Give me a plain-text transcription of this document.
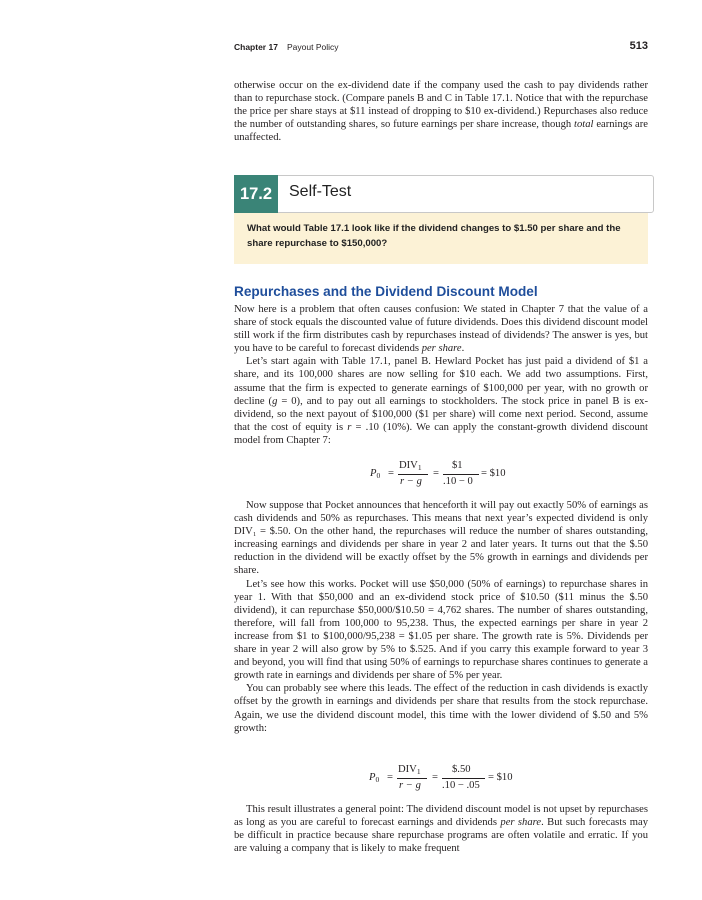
Chapter 17 Payout Policy	513

otherwise occur on the ex-dividend date if the company used the cash to pay dividends rather than to repurchase stock. (Compare panels B and C in Table 17.1. Notice that with the repurchase the price per share stays at $11 instead of dropping to $10 ex-dividend.) Repurchases also reduce the number of outstanding shares, so future earnings per share increase, though total earnings are unaffected.

17.2	Self-Test
What would Table 17.1 look like if the dividend changes to $1.50 per share and the share repurchase to $150,000?
Repurchases and the Dividend Discount Model

Now here is a problem that often causes confusion: We stated in Chapter 7 that the value of a share of stock equals the discounted value of future dividends. Does this dividend discount model still work if the firm distributes cash by repurchases instead of dividends? The answer is yes, but you have to be careful to forecast dividends per share.

Let’s start again with Table 17.1, panel B. Hewlard Pocket has just paid a dividend of $1 a share, and its 100,000 shares are now selling for $10 each. We add two assumptions. First, assume that the firm is expected to generate earnings of $100,000 per year, with no growth or decline (g = 0), and to pay out all earnings to stockholders. The stock price in panel B is ex-dividend, so the next payout of $100,000 ($1 per share) will come next period. Second, assume that the cost of equity is r = .10 (10%). We can apply the constant-growth dividend discount model from Chapter 7:

$P_0$ =
$DIV_1$
r − g
=
$1
.10 − 0
= $10

Now suppose that Pocket announces that henceforth it will pay out exactly 50% of earnings as cash dividends and 50% as repurchases. This means that next year’s expected dividend is only DIV₁ = $.50. On the other hand, the repurchases will reduce the number of shares outstanding, increasing earnings and dividends per share in year 2 and later years. It turns out that the $.50 reduction in the dividend will be exactly offset by the 5% growth in earnings and dividends per share.

Let’s see how this works. Pocket will use $50,000 (50% of earnings) to repurchase shares in year 1. With that $50,000 and an ex-dividend stock price of $10.50 ($11 minus the $.50 dividend), it can repurchase $50,000/$10.50 = 4,762 shares. The number of shares outstanding, therefore, will fall from 100,000 to 95,238. Thus, the expected earnings per share in year 2 increase from $1 to $100,000/95,238 = $1.05 per share. The growth rate is 5%. Dividends per share in year 2 will also grow by 5% to $.525. And if you carry this example forward to year 3 and beyond, you will find that using 50% of earnings to repurchase shares continues to generate a growth rate in earnings and dividends per share of 5% per year.

You can probably see where this leads. The effect of the reduction in cash dividends is exactly offset by the growth in earnings and dividends per share that results from the stock repurchase. Again, we use the dividend discount model, this time with the lower dividend of $.50 and 5% growth:

$P_0$ =
$DIV_1$
r − g
=
$.50
.10 − .05
= $10

This result illustrates a general point: The dividend discount model is not upset by repurchases as long as you are careful to forecast earnings and dividends per share. But such forecasts may be difficult in practice because share repurchase programs are often volatile and erratic. If you are valuing a company that is likely to make frequent
